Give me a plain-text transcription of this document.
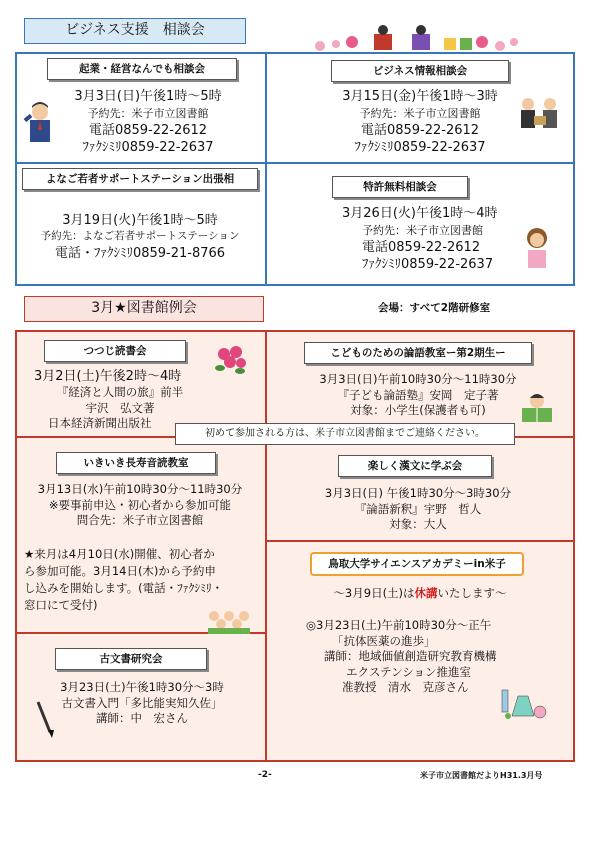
ビジネス支援　相談会
起業・経営なんでも相談会
3月3日(日)午後1時～5時
予約先：米子市立図書館
電話0859-22-2612
ﾌｧｸｼﾐﾘ0859-22-2637
ビジネス情報相談会
3月15日(金)午後1時～3時
予約先：米子市立図書館
電話0859-22-2612
ﾌｧｸｼﾐﾘ0859-22-2637
よなご若者サポートステーション出張相
3月19日(火)午後1時～5時
予約先：よなご若者サポートステーション
電話・ﾌｧｸｼﾐﾘ0859-21-8766
特許無料相談会
3月26日(火)午後1時～4時
予約先：米子市立図書館
電話0859-22-2612
ﾌｧｸｼﾐﾘ0859-22-2637
3月★図書館例会	会場：すべて2階研修室
つつじ読書会
3月2日(土)午後2時～4時
『経済と人間の旅』前半
宇沢　弘文著
日本経済新聞出版社
こどものための論語教室ー第2期生ー
3月3日(日)午前10時30分～11時30分
『子ども論語塾』安岡　定子著
対象：小学生(保護者も可)
初めて参加される方は、米子市立図書館までご連絡ください。
いきいき長寿音読教室
3月13日(水)午前10時30分～11時30分
※要事前申込・初心者から参加可能
問合先：米子市立図書館
★来月は4月10日(水)開催、初心者か
ら参加可能。3月14日(木)から予約申
し込みを開始します。(電話・ﾌｧｸｼﾐﾘ・
窓口にて受付)
楽しく漢文に学ぶ会
3月3日(日) 午後1時30分～3時30分
『論語新釈』宇野　哲人
対象：大人
古文書研究会
3月23日(土)午後1時30分～3時
古文書入門「多比能実知久佐」
講師：中　宏さん
鳥取大学サイエンスアカデミーin米子
～3月9日(土)は休講いたします～
◎3月23日(土)午前10時30分～正午
「抗体医薬の進歩」
講師：地域価値創造研究教育機構
エクステンション推進室
准教授　清水　克彦さん
-2-	米子市立図書館だよりH31.3月号
